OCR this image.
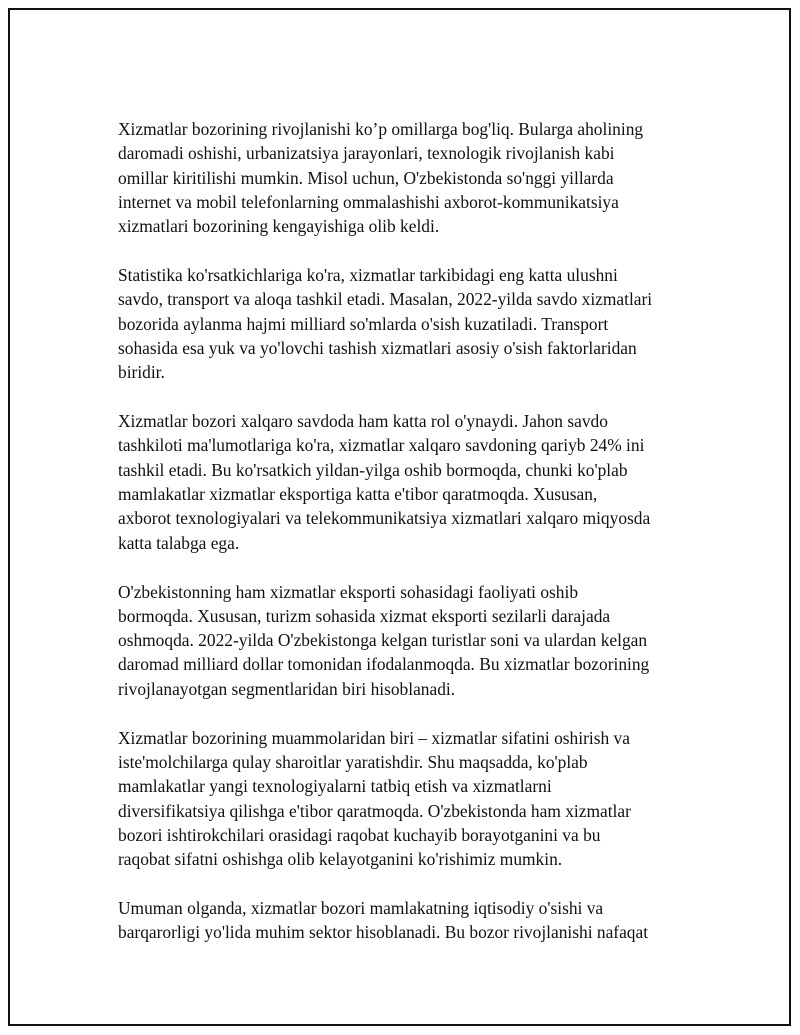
Xizmatlar bozorining rivojlanishi ko’p omillarga bog'liq. Bularga aholining
daromadi oshishi, urbanizatsiya jarayonlari, texnologik rivojlanish kabi
omillar kiritilishi mumkin. Misol uchun, O'zbekistonda so'nggi yillarda
internet va mobil telefonlarning ommalashishi axborot-kommunikatsiya
xizmatlari bozorining kengayishiga olib keldi.
Statistika ko'rsatkichlariga ko'ra, xizmatlar tarkibidagi eng katta ulushni
savdo, transport va aloqa tashkil etadi. Masalan, 2022-yilda savdo xizmatlari
bozorida aylanma hajmi milliard so'mlarda o'sish kuzatiladi. Transport
sohasida esa yuk va yo'lovchi tashish xizmatlari asosiy o'sish faktorlaridan
biridir.
Xizmatlar bozori xalqaro savdoda ham katta rol o'ynaydi. Jahon savdo
tashkiloti ma'lumotlariga ko'ra, xizmatlar xalqaro savdoning qariyb 24% ini
tashkil etadi. Bu ko'rsatkich yildan-yilga oshib bormoqda, chunki ko'plab
mamlakatlar xizmatlar eksportiga katta e'tibor qaratmoqda. Xususan,
axborot texnologiyalari va telekommunikatsiya xizmatlari xalqaro miqyosda
katta talabga ega.
O'zbekistonning ham xizmatlar eksporti sohasidagi faoliyati oshib
bormoqda. Xususan, turizm sohasida xizmat eksporti sezilarli darajada
oshmoqda. 2022-yilda O'zbekistonga kelgan turistlar soni va ulardan kelgan
daromad milliard dollar tomonidan ifodalanmoqda. Bu xizmatlar bozorining
rivojlanayotgan segmentlaridan biri hisoblanadi.
Xizmatlar bozorining muammolaridan biri – xizmatlar sifatini oshirish va
iste'molchilarga qulay sharoitlar yaratishdir. Shu maqsadda, ko'plab
mamlakatlar yangi texnologiyalarni tatbiq etish va xizmatlarni
diversifikatsiya qilishga e'tibor qaratmoqda. O'zbekistonda ham xizmatlar
bozori ishtirokchilari orasidagi raqobat kuchayib borayotganini va bu
raqobat sifatni oshishga olib kelayotganini ko'rishimiz mumkin.
Umuman olganda, xizmatlar bozori mamlakatning iqtisodiy o'sishi va
barqarorligi yo'lida muhim sektor hisoblanadi. Bu bozor rivojlanishi nafaqat
